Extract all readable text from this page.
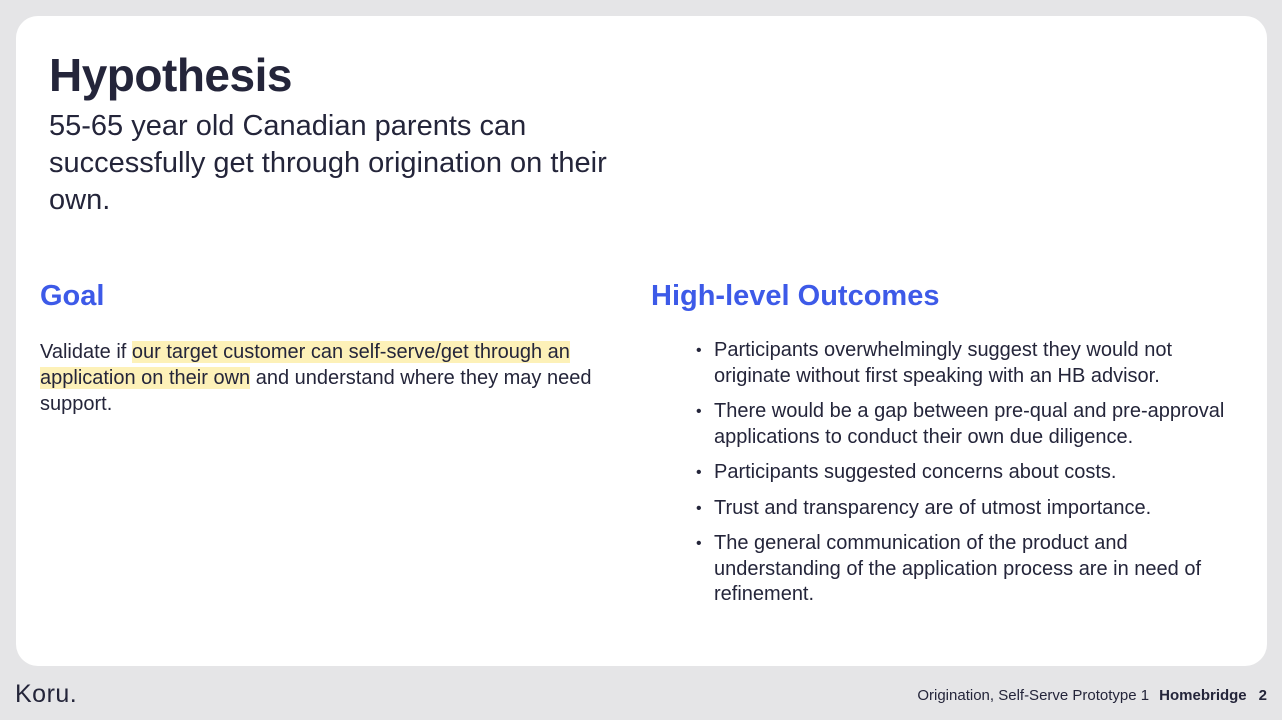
Hypothesis

55-65 year old Canadian parents can successfully get through origination on their own.

Goal

Validate if our target customer can self-serve/get through an application on their own and understand where they may need support.

High-level Outcomes
• Participants overwhelmingly suggest they would not originate without first speaking with an HB advisor.
• There would be a gap between pre-qual and pre-approval applications to conduct their own due diligence.
• Participants suggested concerns about costs.
• Trust and transparency are of utmost importance.
• The general communication of the product and understanding of the application process are in need of refinement.
Koru.	Origination, Self-Serve Prototype 1 Homebridge 2
